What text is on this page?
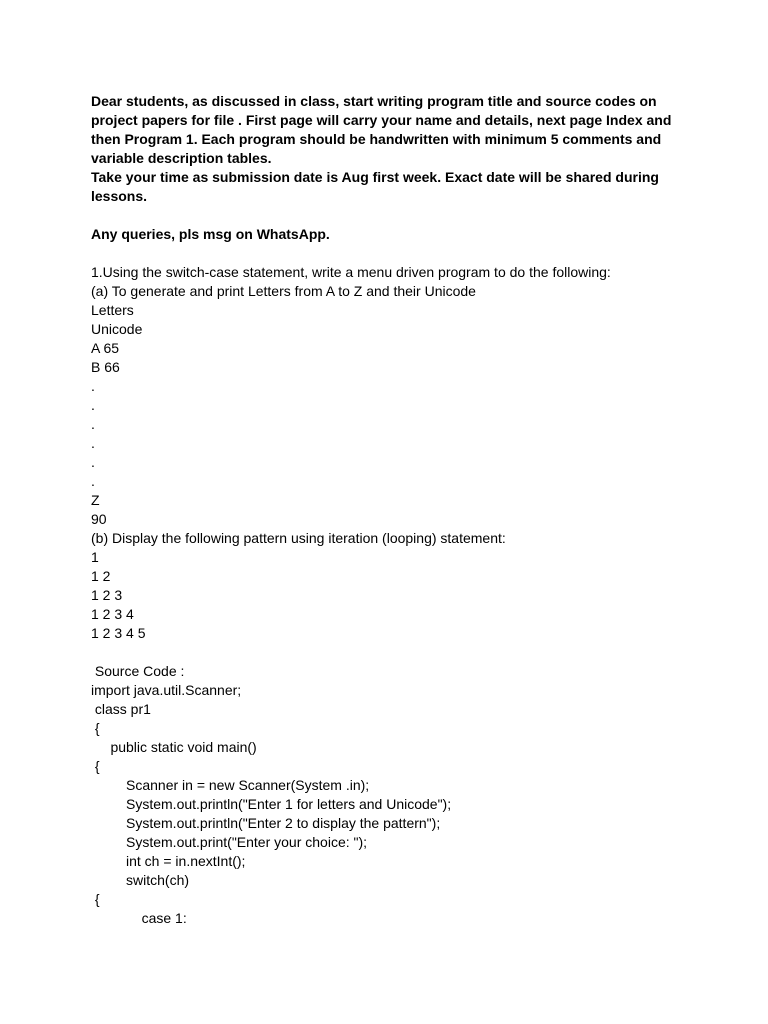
Dear students, as discussed in class, start writing program title and source codes on project papers for file . First page will carry your name and details, next page Index and then Program 1. Each program should be handwritten with minimum 5 comments and variable description tables.
Take your time as submission date is Aug first week. Exact date will be shared during lessons.
Any queries, pls msg on WhatsApp.
1.Using the switch-case statement, write a menu driven program to do the following:
(a) To generate and print Letters from A to Z and their Unicode
Letters
Unicode
A 65
B 66
.
.
.
.
.
.
Z
90
(b) Display the following pattern using iteration (looping) statement:
1
1 2
1 2 3
1 2 3 4
1 2 3 4 5
Source Code :
import java.util.Scanner;
class pr1
{
public static void main()
{
Scanner in = new Scanner(System .in);
System.out.println("Enter 1 for letters and Unicode");
System.out.println("Enter 2 to display the pattern");
System.out.print("Enter your choice: ");
int ch = in.nextInt();
switch(ch)
{
case 1:
